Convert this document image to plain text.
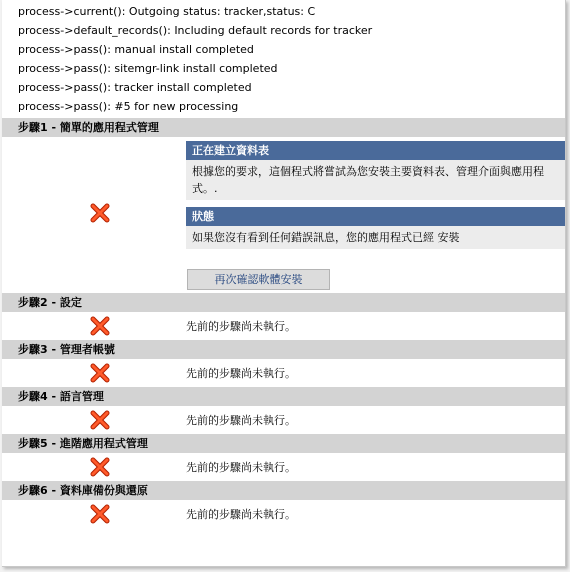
process->current(): Outgoing status: tracker,status: C
process->default_records(): Including default records for tracker
process->pass(): manual install completed
process->pass(): sitemgr-link install completed
process->pass(): tracker install completed
process->pass(): #5 for new processing
步驟1 - 簡單的應用程式管理
正在建立資料表
根據您的要求，這個程式將嘗試為您安裝主要資料表、管理介面與應用程式。.
狀態
如果您沒有看到任何錯誤訊息，您的應用程式已經 安裝
再次確認軟體安裝
步驟2 - 設定
先前的步驟尚未執行。
步驟3 - 管理者帳號
先前的步驟尚未執行。
步驟4 - 語言管理
先前的步驟尚未執行。
步驟5 - 進階應用程式管理
先前的步驟尚未執行。
步驟6 - 資料庫備份與還原
先前的步驟尚未執行。
